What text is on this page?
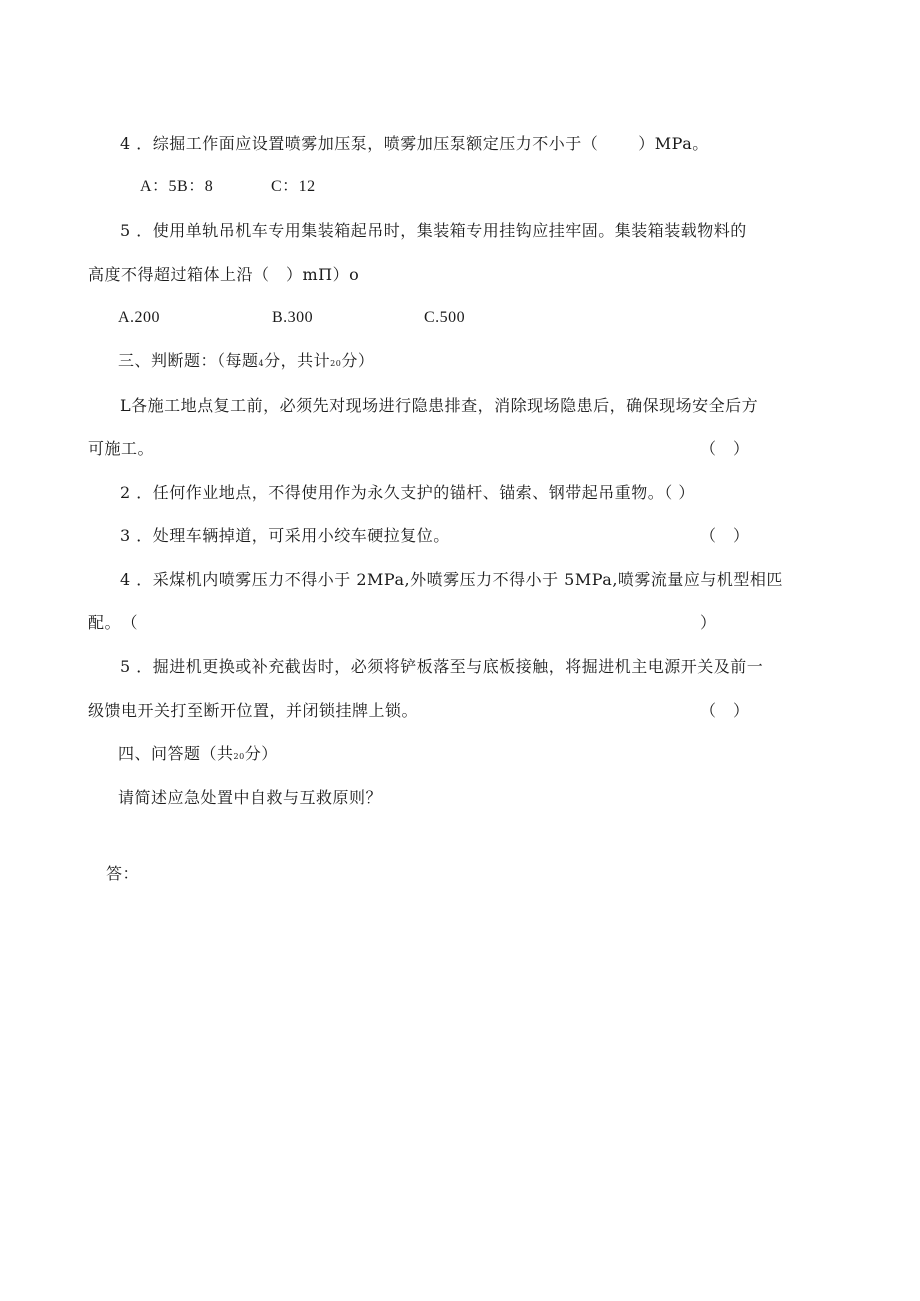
4 ．综掘工作面应设置喷雾加压泵，喷雾加压泵额定压力不小于（	）MPa。
A：5B：8	C：12
5 ．使用单轨吊机车专用集装箱起吊时，集装箱专用挂钩应挂牢固。集装箱装载物料的
高度不得超过箱体上沿（　）mΠ）o
A.200	B.300	C.500
三、判断题：（每题4分，共计20分）
L各施工地点复工前，必须先对现场进行隐患排查，消除现场隐患后，确保现场安全后方
可施工。	（　）
2 ．任何作业地点，不得使用作为永久支护的锚杆、锚索、钢带起吊重物。（ ）
3 ．处理车辆掉道，可采用小绞车硬拉复位。	（　）
4 ．采煤机内喷雾压力不得小于 2MPa,外喷雾压力不得小于 5MPa,喷雾流量应与机型相匹
配。　（	）
5 ．掘进机更换或补充截齿时，必须将铲板落至与底板接触，将掘进机主电源开关及前一
级馈电开关打至断开位置，并闭锁挂牌上锁。	（　）
四、问答题（共20分）
请简述应急处置中自救与互救原则？
答：
